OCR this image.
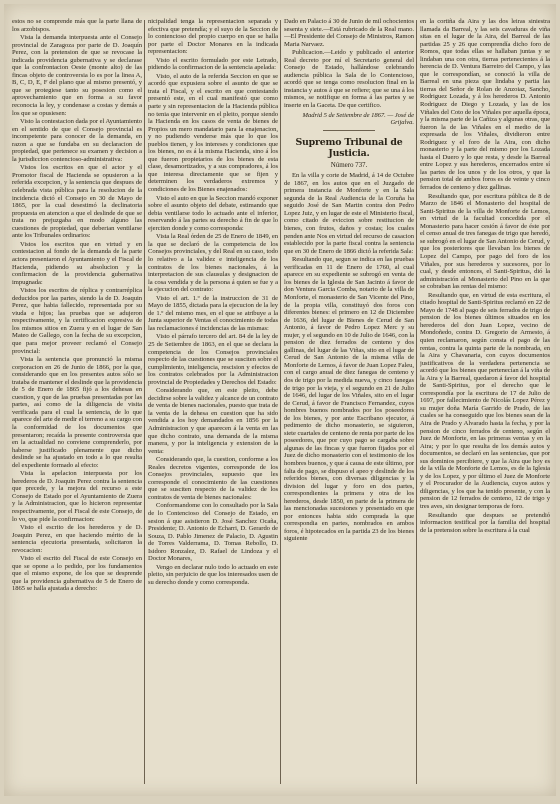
estos no se comprende más que la parte llana de los arzobispos.

Vista la demanda interpuesta ante el Consejo provincial de Zaragoza por parte de D. Joaquín Perez, con la pretension de que se revocase la indicada providencia gubernativa y se declarase que la confrontacion Oeste (monte alto) de las fincas objeto de controversia lo es por la linea A, B, C, D, E, F del plano que al mismo presentó, y que se protegiese tanto su posesion como el aprovechamiento que en forma a su favor reconocia la ley, y condenase a costas y demás a los que se opusiesen:

Visto la contestacion dada por el Ayuntamiento en el sentido de que el Consejo provincial es incompetente para conocer de la demanda, en razon a que se fundaba en su declaracion de propiedad, que pertenece su examen y decision a la jurisdiccion contencioso-administrativa:

Vistos los escritos en que el actor y el Promotor fiscal de Hacienda se opusieron a la referida excepcion, y la sentencia que despues de celebrada vista pública para la resolucion de la incidencia dictó el Consejo en 30 de Mayo de 1865, por la cual desestimó la declinatoria propuesta en atencion a que el deslinde de que se trata no prejuzgaba en modo alguno las cuestiones de propiedad, que deberian ventilarse ante los Tribunales ordinarios:

Vistos los escritos que en virtud y en contestacion al fondo de la demanda de la parte actora presentaron el Ayuntamiento y el Fiscal de Hacienda, pidiendo su absolucion y la confirmacion de la providencia gubernativa impugnada:

Vistos los escritos de réplica y contrarréplica deducidos por las partes, siendo la de D. Joaquin Perez, que habia fallecido, representada por su viuda e hijos; las pruebas que se adujeron respectivamente, y la certificacion expresiva de los mismos sitios en Zuera y en el lugar de San Mateo de Gallego, con la fecha de su excepcion, que para mejor proveer reclamó el Consejo provincial:

Vista la sentencia que pronunció la misma corporacion en 26 de Junio de 1866, por la que, considerando que en los presentes autos sólo se trataba de mantener el deslinde que la providencia de 5 de Enero de 1865 fijó a los dehesas en cuestion, y que de las pruebas presentadas por las partes, así como de la diligencia de visita verificada para el cual la sentencia, de lo que aparece del arte de medir el terreno a su cargo con la conformidad de los documentos que presentaron; recaída la presente controversia que en la actualidad no conviene comprenderlo, por haberse justificado plenamente que dicho deslinde se ha ajustado en todo a lo que resulta del expediente formado al efecto:

Vista la apelacion interpuesta por los herederos de D. Joaquin Perez contra la sentencia que precede, y la mejora del recurso a este Consejo de Estado por el Ayuntamiento de Zuera y la Administracion, que lo hicieron representar respectivamente, por el Fiscal de este Consejo, de lo vo, que pide la confirmacion:

Visto el escrito de los herederos y de D. Joaquin Perez, en que haciendo mérito de la sentencia ejecutoria presentada, solicitaron la revocacion:

Visto el escrito del Fiscal de este Consejo en que se opone a lo pedido, por los fundamentos que el mismo expone, de los que se desprende que la providencia gubernativa de 5 de Enero de 1865 se halla ajustada a derecho:

nicipalidad tenga la representacion separada y efectiva que pretendía; y el suyo de la Seccion de lo contencioso del propio cuerpo en que se halla por parte el Doctor Monares en la indicada representacion:

Visto el escrito formulado por este Letrado, pidiendo la confirmacion de la sentencia apelada:

Visto, el auto de la referida Seccion en que se acordó que expusiera sobre el asunto de que se trata el Fiscal, y el escrito en que contestando presentó este, en el cual manifestó que como parte y sin representacion de la Hacienda pública no tenia que intervenir en el pleito, porque siendo la Hacienda en los casos de venta de bienes de Propios un mero mandatario para la enajenacion, y no pudiendo venderse más que lo que los pueblos tienen, y los intereses y condiciones que los bienes, no es á la misma Hacienda, sino á los que fueron propietarios de los bienes de esta clase, desamortizados, y a sus compradores, á los que interesa directamente que se fijen y determinen los verdaderos extremos y condiciones de los Bienes enajenados:

Visto el auto en que la Seccion mandó exponer sobre el asunto objeto del debate, estimando que debia ventilarse todo lo actuado ante el inferior, reservando á las partes su derecho á fin de que lo ejerciten donde y como corresponda:

Vista la Real órden de 25 de Enero de 1849, en la que se declaró de la competencia de los Consejos provinciales, y del Real en su caso, todo lo relativo a la validez e inteligencia de los contratos de los bienes nacionales, á la interpretacion de sus clausulas y designacion de la cosa vendida y de la persona á quien se fue y a la ejecucion del contrato:

Visto el art. 1.º de la instruccion de 31 de Mayo de 1855, dictada para la ejecucion de la ley de 1.º del mismo mes, en el que se atribuye a la Junta superior de Ventas el conocimiento de todas las reclamaciones é incidencias de las mismas:

Visto el párrafo tercero del art. 84 de la ley de 25 de Setiembre de 1863, en el que se declara la competencia de los Consejos provinciales respecto de las cuestiones que se susciten sobre el cumplimiento, inteligencia, rescision y efectos de los contratos celebrados por la Administracion provincial de Propiedades y Derechos del Estado:

Considerando que, en este pleito, debe decidirse sobre la validez y alcance de un contrato de venta de bienes nacionales, puesto que trata de la venta de la dehesa en cuestion que ha sido vendida a los hoy demandados en 1856 por la Administracion y que aparecen á la venta en las que dicho contrato, una demanda de la misma manera, y por la inteligencia y extension de la venta:

Considerando que, la cuestion, conforme a los Reales decretos vigentes, corresponde de los Consejos provinciales, supuesto que les corresponde el conocimiento de las cuestiones que se susciten respecto de la validez de los contratos de venta de bienes nacionales:

Conformandome con lo consultado por la Sala de lo Contencioso del Consejo de Estado, en sesion á que asistieron D. José Sanchez Ocaña, Presidente; D. Antonio de Echarri, D. Gerardo de Souza, D. Pablo Jimenez de Palacio, D. Agustin de Torres Valderrama, D. Tomas Rebollo, D. Isidoro Ronzalez, D. Rafael de Lindoza y el Doctor Monares,

Vengo en declarar nulo todo lo actuado en este pleito, sin perjuicio de que los interesados usen de su derecho donde y como corresponda.

Dado en Palacio á 30 de Junio de mil ochocientos sesenta y siete.—Está rubricado de la Real mano.—El Presidente del Consejo de Ministros, Ramon Maria Narvaez.

Publicacion.—Leido y publicado el anterior Real decreto por mí el Secretario general del Consejo de Estado, hallándose celebrando audiencia pública la Sala de lo Contencioso, acordó que se tenga como resolucion final en la instancia y autos á que se refiere; que se una á los mismos, se notifique en forma á las partes y se inserte en la Gaceta. De que certifico.

Madrid 5 de Setiembre de 1867. — José de Grijalva.

Supremo Tribunal de Justicia.
Número 737.

En la villa y corte de Madrid, á 14 de Octubre de 1867, en los autos que en el Juzgado de primera instancia de Monforte y en la Sala segunda de la Real Audiencia de la Coruña ha seguido José de San Martin contra don Pedro Lopez Juiz, y en lugar de este el Ministerio fiscal, como citado de eviccion sobre restitucion de bienes, con frutos, daños y costas; los cuales penden ante Nos en virtud del recurso de casacion establecido por la parte fiscal contra la sentencia que en 30 de Enero de 1866 dictó la referida Sala:

Resultando que, segun se indica en las pruebas verificadas en 11 de Enero de 1760, al cual aparece en su expediente se subrogó en venta de los bienes de la Iglesia de San Jacinto á favor de don Ventura Garcia Comba, notario de la villa de Monforte, el monasterio de San Vicente del Pino, de la propia villa, constituyó dos foros con diferentes bienes: el primero en 12 de Diciembre de 1636, del lugar de Bienes de Cerud de San Antonio, á favor de Pedro Lopez Merc y su mujer, y el segundo en 10 de Julio de 1646, con la pension de diez ferrados de centeno y dos gallinas, del lugar de las Viñas, sito en el lugar de Cerud de San Antonio de la misma villa de Monforte de Lemos, á favor de Juan Lopez Faleu, con el cargo anual de diez fanegas de centeno y dos de trigo por la medida nueva, y cinco fanegas de trigo por la vieja, y el segundo en 21 de Julio de 1646, del lugar de los Viñales, sito en el lugar de Cerud, á favor de Francisco Fernandez, cuyos hombres buenos nombrados por los poseedores de los bienes, y por ante Escribano ejecutor, á pedimento de dicho monasterio, se siguieron, siete cuartales de centeno de renta por parte de los poseedores, que por cuyo pago se cargaba sobre algunas de las fincas y que fueron fijados por el Juez de dicho monasterio con el testimonio de los hombres buenos, y que á causa de este último, por falta de pago, se dispuso el apeo y deslinde de los referidos bienes, con diversas diligencias y la division del lugar y foro en dos partes, correspondientes la primera y otra de los herederos, desde 1850, en parte de la primera de las mencionadas sucesiones y presentado en que por entonces habia sido comprada la que correspondia en partes, nombrados en ambos foros, é hipotecados en la partida 23 de los bienes siguiente

en la cortiña da Aira y las dos leiras siniestra llamada da Barreal, y las seis cavaduras de viña sitas en el lugar de la Aira, del Barreal de las partidas 25 y 26 que comprendía dicho foro de Romos, que todas ellas se hallaban juntas y se lindaban una con otra, tierras pertenecientes á la herencia de D. Ventura Barreiro del Campo, y las que le correspondían, se conoció la villa de Barreal en una pieza que lindaba y partia las tierras del Señor de Rolan de Anzoiaz, Sancho, Rodriguez Lozada, y á los herederos D. Antonio Rodriguez de Diego y Lozada, y las de los Viñales del Coto de los Viñales por aquella época, y la misma parte de la Cañiza y algunas otras, que fueron la de las Viñales en el medio de la expresada de los Viñales, dividieron entre Rodriguez y el foro de la Aira, con dicho monasterio y la parte del mismo por los Lozada hasta el Duero y lo que resta, y desde la Barreal entre Lopez y sus herederos, encerrados entre sí las partes de los unos y de los otros, y que la pension total de ambos foros es de veinte y cinco ferrados de centeno y diez gallinas.

Resultando que, por escritura pública de 8 de Marzo de 1846 el Monasterio del hospital de Santi-Spiritus de la villa de Monforte de Lemos, en virtud de la facultad concedida por el Monasterio para hacer cesión á favor de éste por el censo anual de tres fanegas de trigo que heredó, se subrogó en el lugar de San Antonio de Cerud, y que los posteriores que llevaban los bienes de Lopez del Campo, por pago del foro de los Viñales, por sus herederos y sucesores, por lo cual, y desde entonces, el Santi-Spiritus, dió la administración al Monasterio del Pino en la que se cobraban las rentas del mismo:

Resultando que, en virtud de esta escritura, el citado hospital de Santi-Spiritus reclamó en 22 de Mayo de 1748 al pago de seis ferrados de trigo de pension de los bienes últimos situados en los herederos del don Juan Lopez, vecino de Mondoñedo, contra D. Gregorio de Armesto, á quien reclamaron, según consta el pago de las rentas, contra la quinta parte de la nombrada, en la Aira y Chavanaria, con cuyos documentos justificativos de la verdadera pertenencia se acordó que los bienes que pertenecían á la viña de la Aira y la Barreal, quedaron á favor del hospital de Santi-Spiritus, por el derecho que le correspondía por la escritura de 17 de Julio de 1697, por fallecimiento de Nicolás Lopez Pérez y su mujer doña María Garrido de Prado, de las cuales se ha conseguido que los bienes sean de la Aira de Prado y Alvarado hasta la fecha, y por la pension de cinco ferrados de centeno, según el Juez de Monforte, en las primeras ventas y en la Aira; y por lo que resulta de los demás autos y documentos, se declaró en las sentencias, que por sus dominios percibiere, y que la Aira que hoy es de la villa de Monforte de Lemos, es de la Iglesia y de los Lopez, y por último el Juez de Monforte y el Procurador de la Audiencia, cuyos autos y diligencias, y los que ha tenido presente, y con la pension de 12 ferrados de centeno, 12 de trigo y tres aves, sin designar temporas de foro.

Resultando que despues se pretendió informacion testifical por la familia del hospital de la pretension sobre la escritura á la cual
